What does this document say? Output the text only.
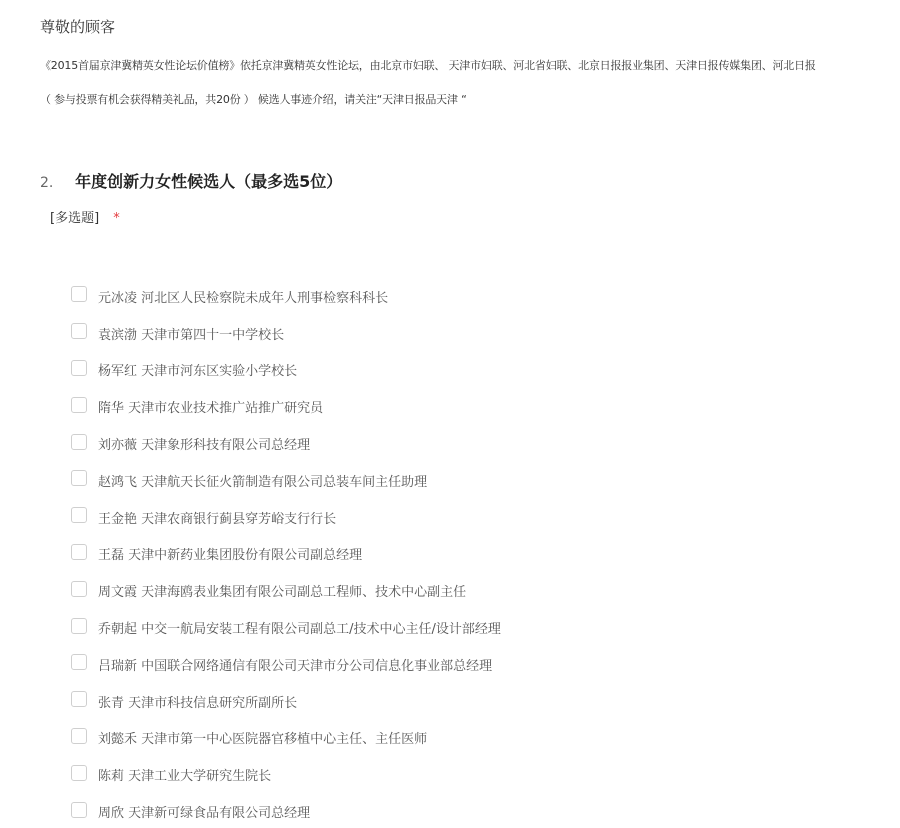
尊敬的顾客
《2015首届京津冀精英女性论坛价值榜》依托京津冀精英女性论坛，由北京市妇联、 天津市妇联、河北省妇联、北京日报报业集团、天津日报传媒集团、河北日报
（ 参与投票有机会获得精美礼品，共20份 ） 候选人事迹介绍，请关注“天津日报品天津 “
2. 年度创新力女性候选人（最多选5位）
[多选题] *
元冰凌 河北区人民检察院未成年人刑事检察科科长
袁滨渤 天津市第四十一中学校长
杨军红 天津市河东区实验小学校长
隋华 天津市农业技术推广站推广研究员
刘亦薇 天津象形科技有限公司总经理
赵鸿飞 天津航天长征火箭制造有限公司总装车间主任助理
王金艳 天津农商银行蓟县穿芳峪支行行长
王磊 天津中新药业集团股份有限公司副总经理
周文霞 天津海鸥表业集团有限公司副总工程师、技术中心副主任
乔朝起 中交一航局安装工程有限公司副总工/技术中心主任/设计部经理
吕瑞新 中国联合网络通信有限公司天津市分公司信息化事业部总经理
张青 天津市科技信息研究所副所长
刘懿禾 天津市第一中心医院器官移植中心主任、主任医师
陈莉 天津工业大学研究生院长
周欣 天津新可绿食品有限公司总经理
